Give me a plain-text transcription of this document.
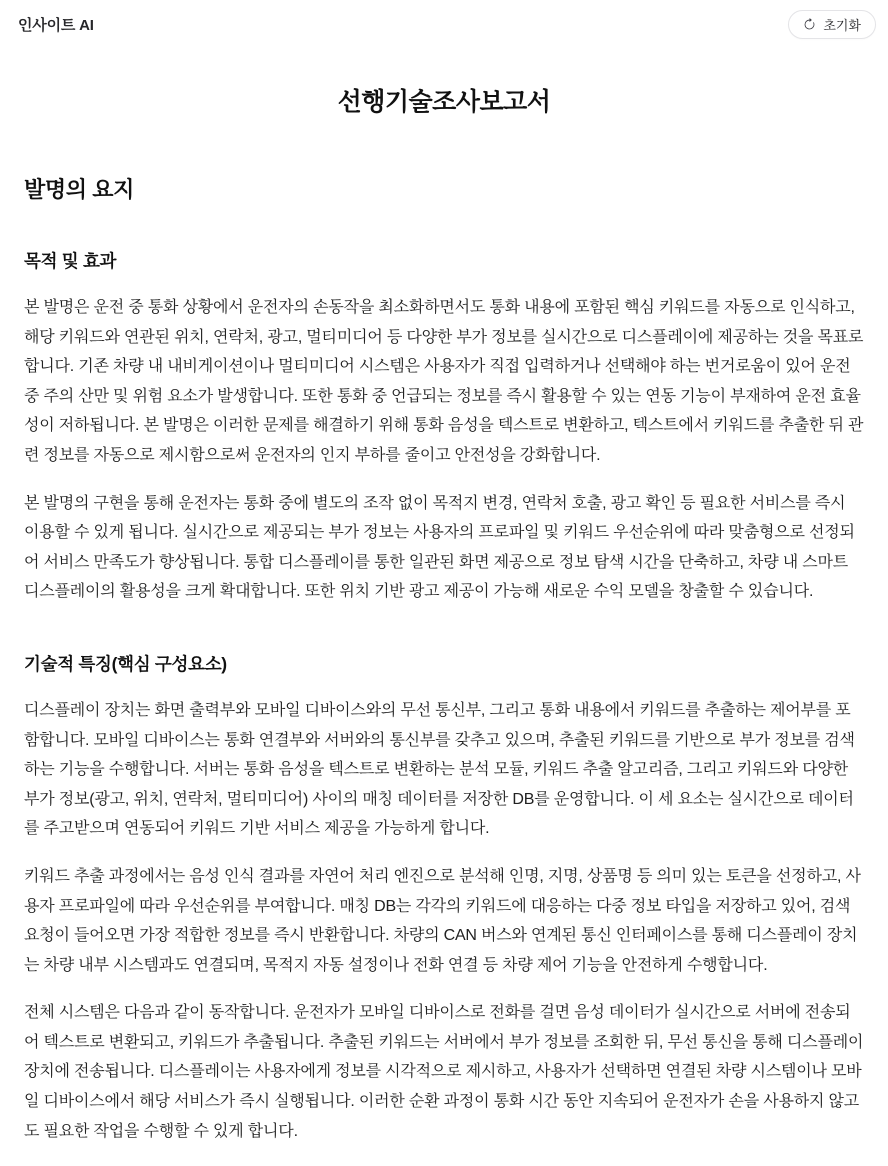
인사이트 AI	초기화
선행기술조사보고서
발명의 요지
목적 및 효과

본 발명은 운전 중 통화 상황에서 운전자의 손동작을 최소화하면서도 통화 내용에 포함된 핵심 키워드를 자동으로 인식하고, 해당 키워드와 연관된 위치, 연락처, 광고, 멀티미디어 등 다양한 부가 정보를 실시간으로 디스플레이에 제공하는 것을 목표로 합니다. 기존 차량 내 내비게이션이나 멀티미디어 시스템은 사용자가 직접 입력하거나 선택해야 하는 번거로움이 있어 운전 중 주의 산만 및 위험 요소가 발생합니다. 또한 통화 중 언급되는 정보를 즉시 활용할 수 있는 연동 기능이 부재하여 운전 효율성이 저하됩니다. 본 발명은 이러한 문제를 해결하기 위해 통화 음성을 텍스트로 변환하고, 텍스트에서 키워드를 추출한 뒤 관련 정보를 자동으로 제시함으로써 운전자의 인지 부하를 줄이고 안전성을 강화합니다.

본 발명의 구현을 통해 운전자는 통화 중에 별도의 조작 없이 목적지 변경, 연락처 호출, 광고 확인 등 필요한 서비스를 즉시 이용할 수 있게 됩니다. 실시간으로 제공되는 부가 정보는 사용자의 프로파일 및 키워드 우선순위에 따라 맞춤형으로 선정되어 서비스 만족도가 향상됩니다. 통합 디스플레이를 통한 일관된 화면 제공으로 정보 탐색 시간을 단축하고, 차량 내 스마트 디스플레이의 활용성을 크게 확대합니다. 또한 위치 기반 광고 제공이 가능해 새로운 수익 모델을 창출할 수 있습니다.

기술적 특징(핵심 구성요소)

디스플레이 장치는 화면 출력부와 모바일 디바이스와의 무선 통신부, 그리고 통화 내용에서 키워드를 추출하는 제어부를 포함합니다. 모바일 디바이스는 통화 연결부와 서버와의 통신부를 갖추고 있으며, 추출된 키워드를 기반으로 부가 정보를 검색하는 기능을 수행합니다. 서버는 통화 음성을 텍스트로 변환하는 분석 모듈, 키워드 추출 알고리즘, 그리고 키워드와 다양한 부가 정보(광고, 위치, 연락처, 멀티미디어) 사이의 매칭 데이터를 저장한 DB를 운영합니다. 이 세 요소는 실시간으로 데이터를 주고받으며 연동되어 키워드 기반 서비스 제공을 가능하게 합니다.

키워드 추출 과정에서는 음성 인식 결과를 자연어 처리 엔진으로 분석해 인명, 지명, 상품명 등 의미 있는 토큰을 선정하고, 사용자 프로파일에 따라 우선순위를 부여합니다. 매칭 DB는 각각의 키워드에 대응하는 다중 정보 타입을 저장하고 있어, 검색 요청이 들어오면 가장 적합한 정보를 즉시 반환합니다. 차량의 CAN 버스와 연계된 통신 인터페이스를 통해 디스플레이 장치는 차량 내부 시스템과도 연결되며, 목적지 자동 설정이나 전화 연결 등 차량 제어 기능을 안전하게 수행합니다.

전체 시스템은 다음과 같이 동작합니다. 운전자가 모바일 디바이스로 전화를 걸면 음성 데이터가 실시간으로 서버에 전송되어 텍스트로 변환되고, 키워드가 추출됩니다. 추출된 키워드는 서버에서 부가 정보를 조회한 뒤, 무선 통신을 통해 디스플레이 장치에 전송됩니다. 디스플레이는 사용자에게 정보를 시각적으로 제시하고, 사용자가 선택하면 연결된 차량 시스템이나 모바일 디바이스에서 해당 서비스가 즉시 실행됩니다. 이러한 순환 과정이 통화 시간 동안 지속되어 운전자가 손을 사용하지 않고도 필요한 작업을 수행할 수 있게 합니다.
